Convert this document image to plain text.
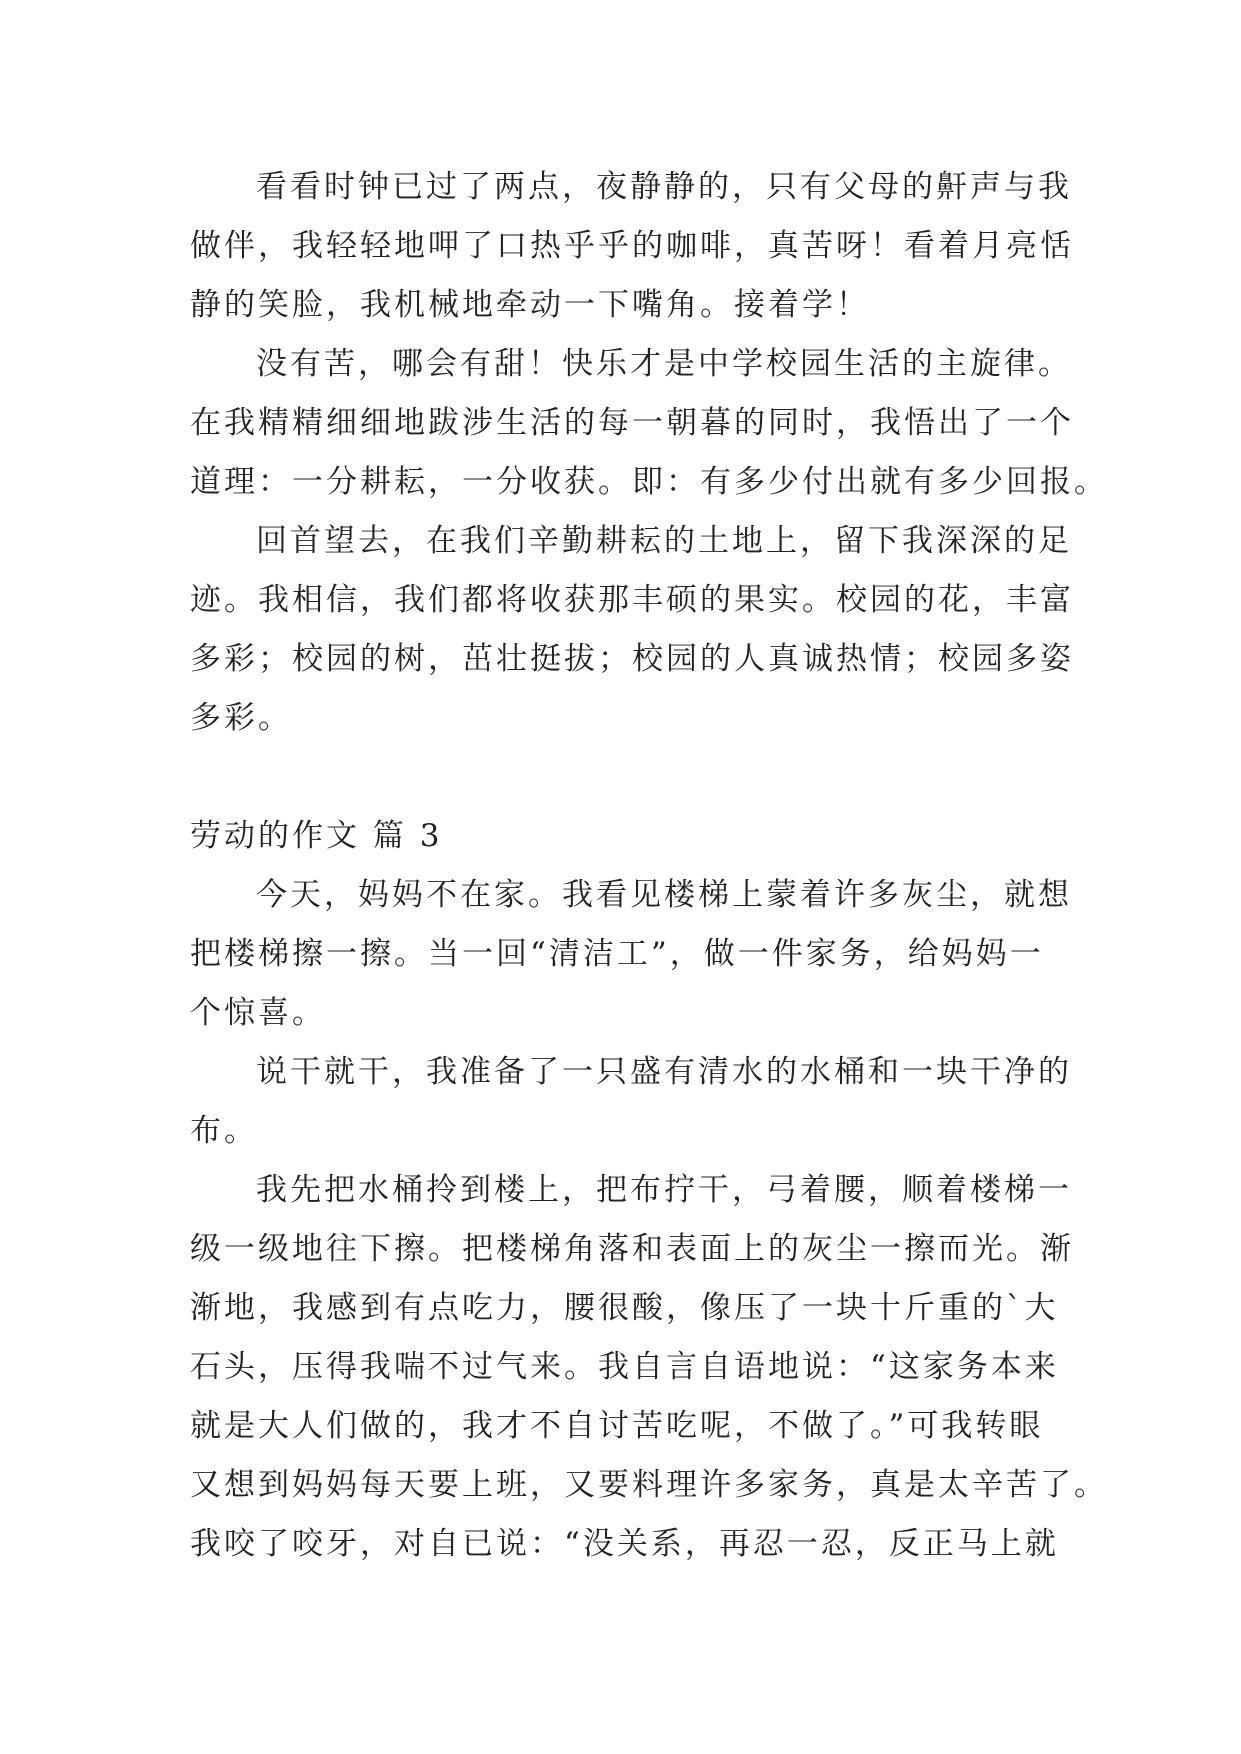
看看时钟已过了两点，夜静静的，只有父母的鼾声与我
做伴，我轻轻地呷了口热乎乎的咖啡，真苦呀！看着月亮恬
静的笑脸，我机械地牵动一下嘴角。接着学！
没有苦，哪会有甜！快乐才是中学校园生活的主旋律。
在我精精细细地跋涉生活的每一朝暮的同时，我悟出了一个
道理：一分耕耘，一分收获。即：有多少付出就有多少回报。
回首望去，在我们辛勤耕耘的土地上，留下我深深的足
迹。我相信，我们都将收获那丰硕的果实。校园的花，丰富
多彩；校园的树，茁壮挺拔；校园的人真诚热情；校园多姿
多彩。
劳动的作文 篇 3
今天，妈妈不在家。我看见楼梯上蒙着许多灰尘，就想
把楼梯擦一擦。当一回“清洁工”，做一件家务，给妈妈一
个惊喜。
说干就干，我准备了一只盛有清水的水桶和一块干净的
布。
我先把水桶拎到楼上，把布拧干，弓着腰，顺着楼梯一
级一级地往下擦。把楼梯角落和表面上的灰尘一擦而光。渐
渐地，我感到有点吃力，腰很酸，像压了一块十斤重的`大
石头，压得我喘不过气来。我自言自语地说：“这家务本来
就是大人们做的，我才不自讨苦吃呢，不做了。”可我转眼
又想到妈妈每天要上班，又要料理许多家务，真是太辛苦了。
我咬了咬牙，对自已说：“没关系，再忍一忍，反正马上就
